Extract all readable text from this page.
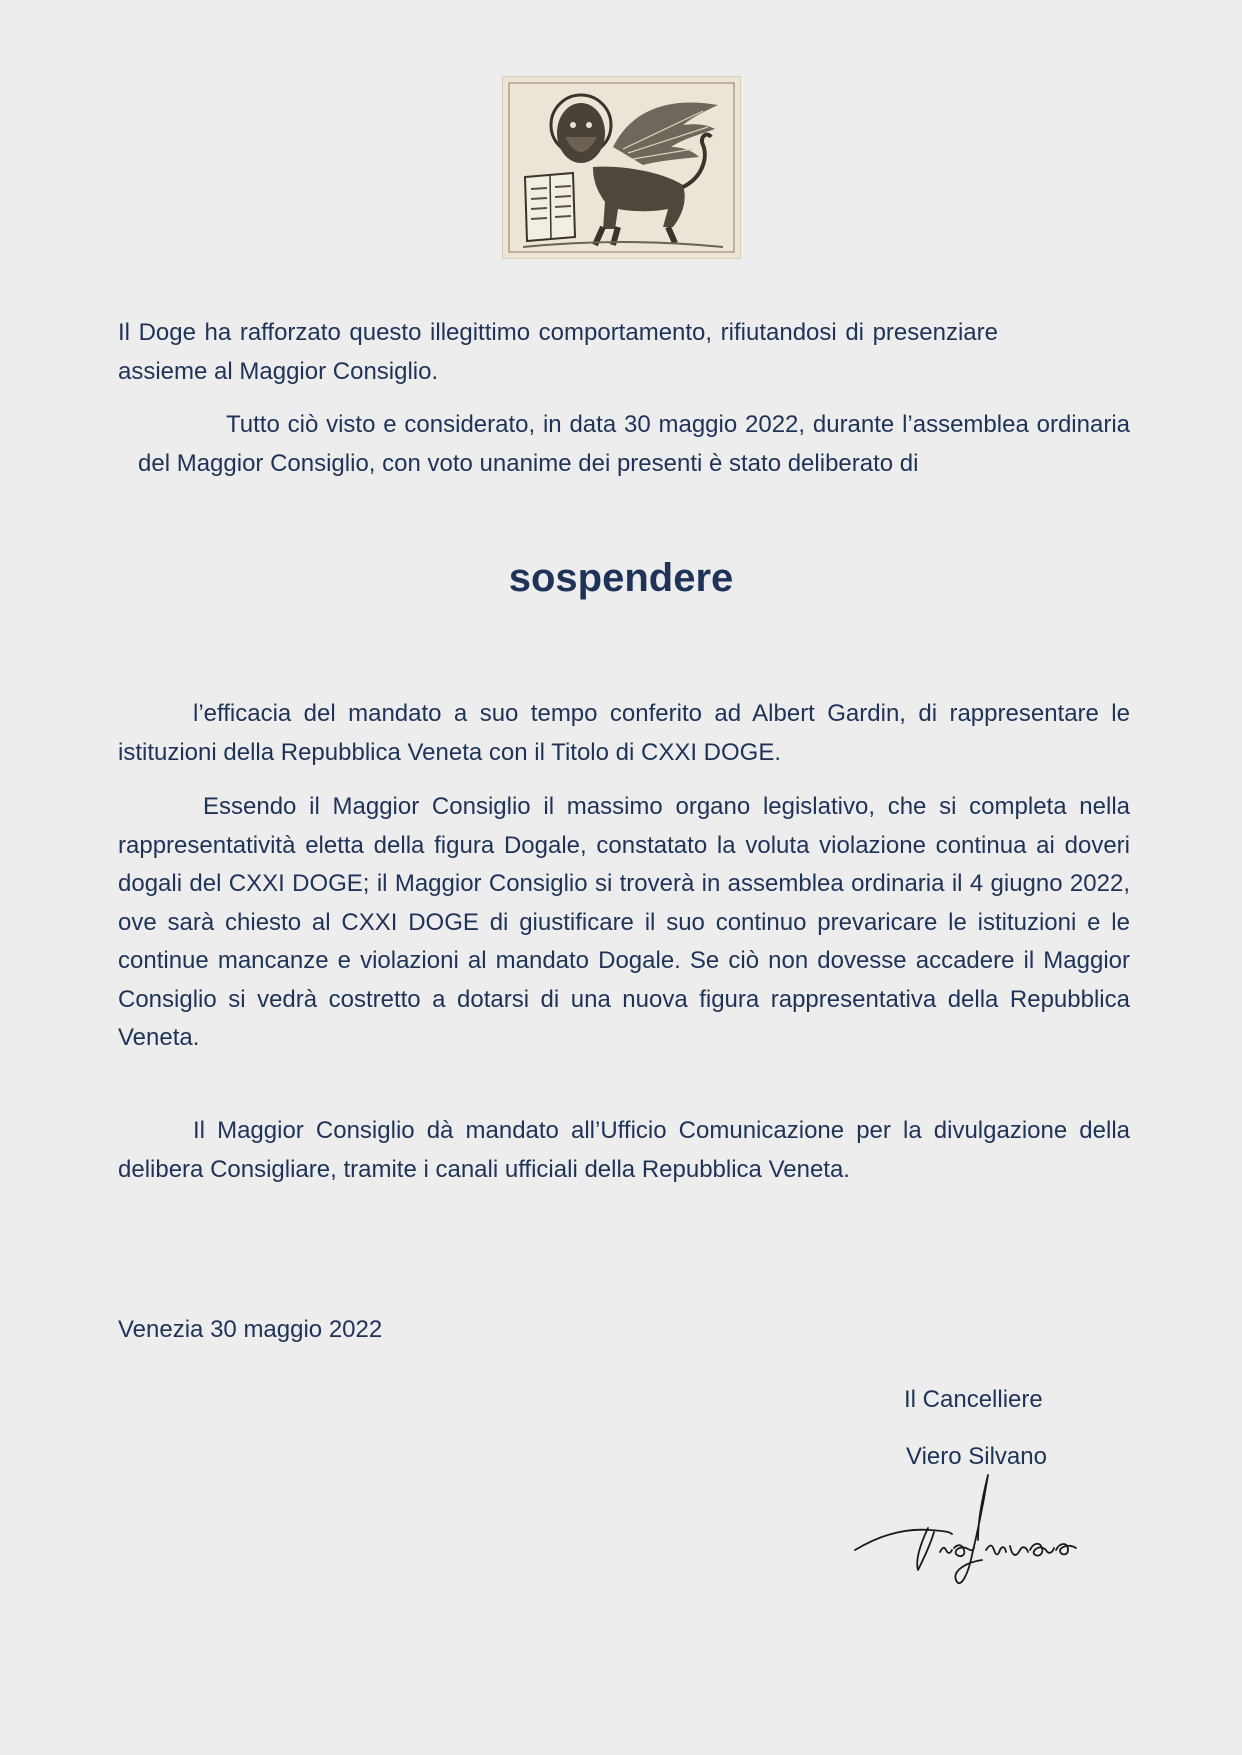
Il Doge ha rafforzato questo illegittimo comportamento, rifiutandosi di presenziare assieme al Maggior Consiglio.

Tutto ciò visto e considerato, in data 30 maggio 2022, durante l’assemblea ordinaria del Maggior Consiglio, con voto unanime dei presenti è stato deliberato di

sospendere

l’efficacia del mandato a suo tempo conferito ad Albert Gardin, di rappresentare le istituzioni della Repubblica Veneta con il Titolo di CXXI DOGE.

Essendo il Maggior Consiglio il massimo organo legislativo, che si completa nella rappresentatività eletta della figura Dogale, constatato la voluta violazione continua ai doveri dogali del CXXI DOGE; il Maggior Consiglio si troverà in assemblea ordinaria il 4 giugno 2022, ove sarà chiesto al CXXI DOGE di giustificare il suo continuo prevaricare le istituzioni e le continue mancanze e violazioni al mandato Dogale. Se ciò non dovesse accadere il Maggior Consiglio si vedrà costretto a dotarsi di una nuova figura rappresentativa della Repubblica Veneta.

Il Maggior Consiglio dà mandato all’Ufficio Comunicazione per la divulgazione della delibera Consigliare, tramite i canali ufficiali della Repubblica Veneta.

Venezia 30 maggio 2022
Il Cancelliere
Viero Silvano
